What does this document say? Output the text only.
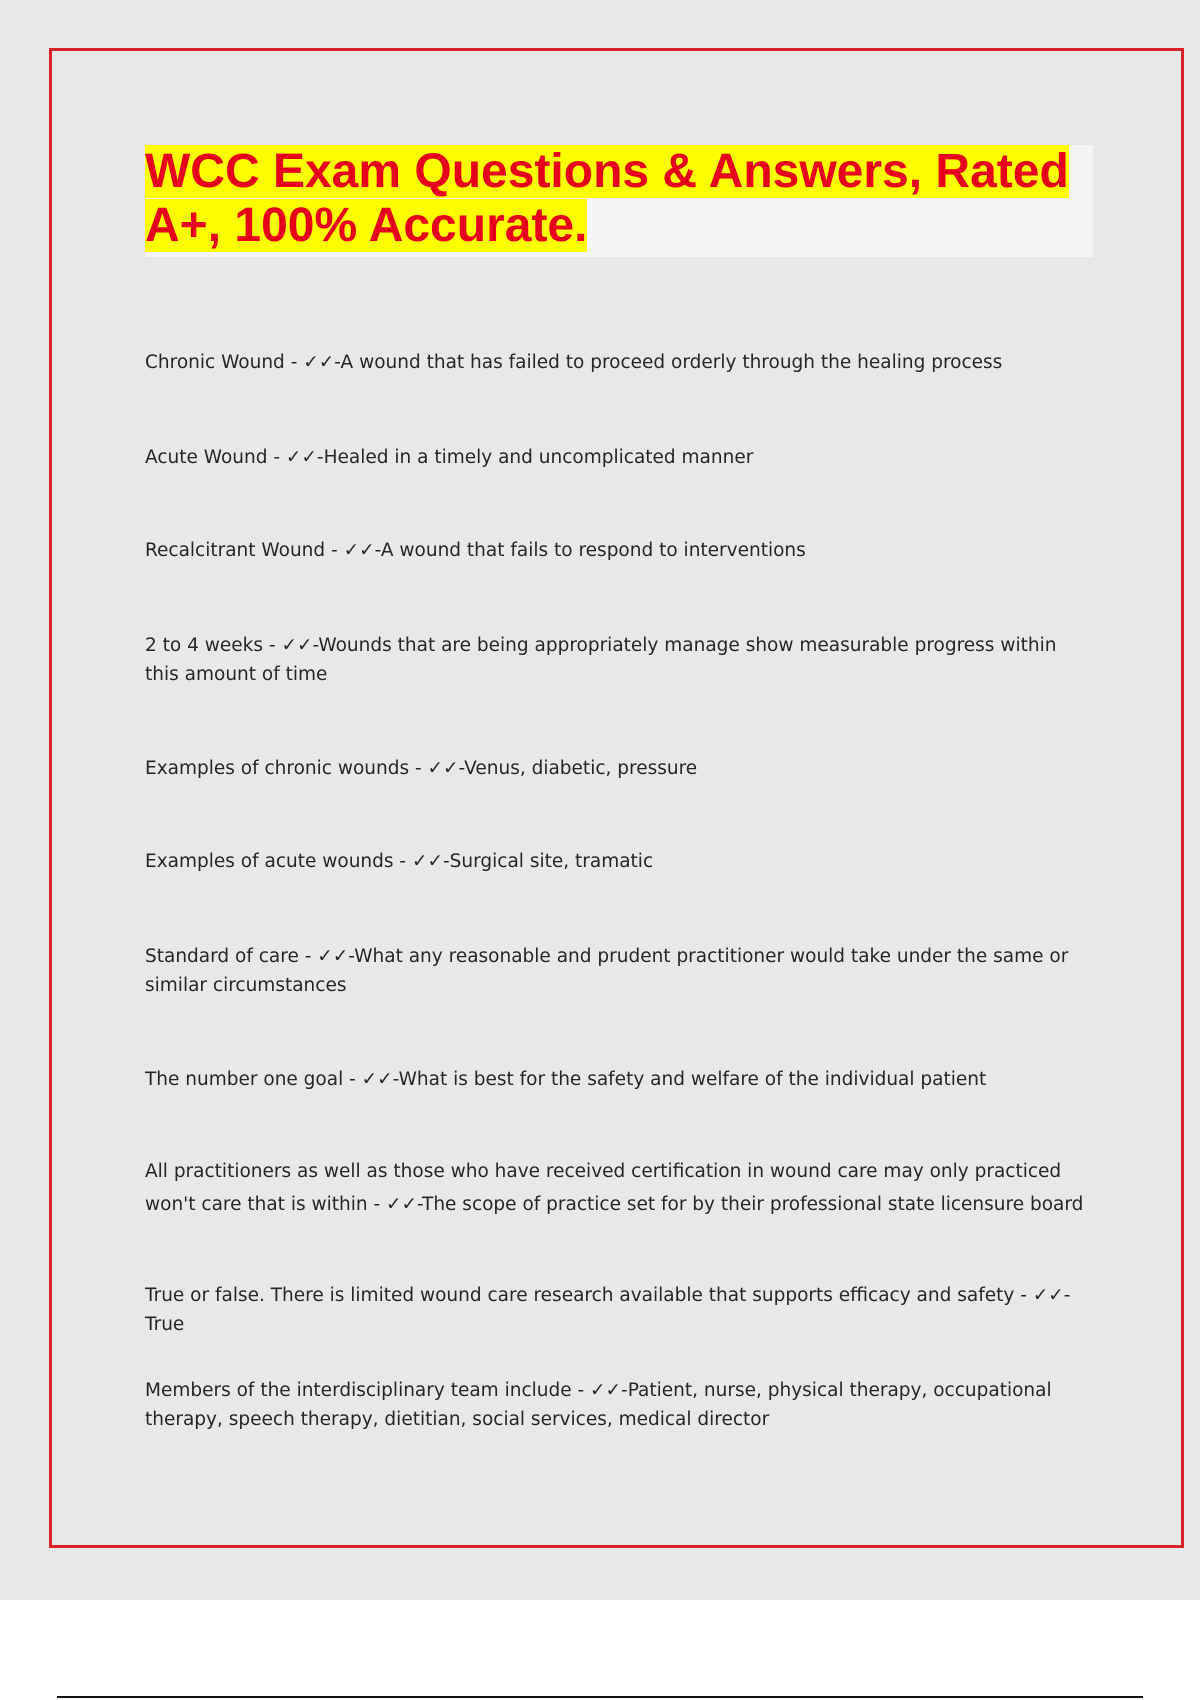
WCC Exam Questions & Answers, Rated
A+, 100% Accurate.

Chronic Wound - ✓✓-A wound that has failed to proceed orderly through the healing process

Acute Wound - ✓✓-Healed in a timely and uncomplicated manner

Recalcitrant Wound - ✓✓-A wound that fails to respond to interventions

2 to 4 weeks - ✓✓-Wounds that are being appropriately manage show measurable progress within this amount of time

Examples of chronic wounds - ✓✓-Venus, diabetic, pressure

Examples of acute wounds - ✓✓-Surgical site, tramatic

Standard of care - ✓✓-What any reasonable and prudent practitioner would take under the same or similar circumstances

The number one goal - ✓✓-What is best for the safety and welfare of the individual patient

All practitioners as well as those who have received certification in wound care may only practiced won't care that is within - ✓✓-The scope of practice set for by their professional state licensure board

True or false. There is limited wound care research available that supports efficacy and safety - ✓✓-True

Members of the interdisciplinary team include - ✓✓-Patient, nurse, physical therapy, occupational therapy, speech therapy, dietitian, social services, medical director
